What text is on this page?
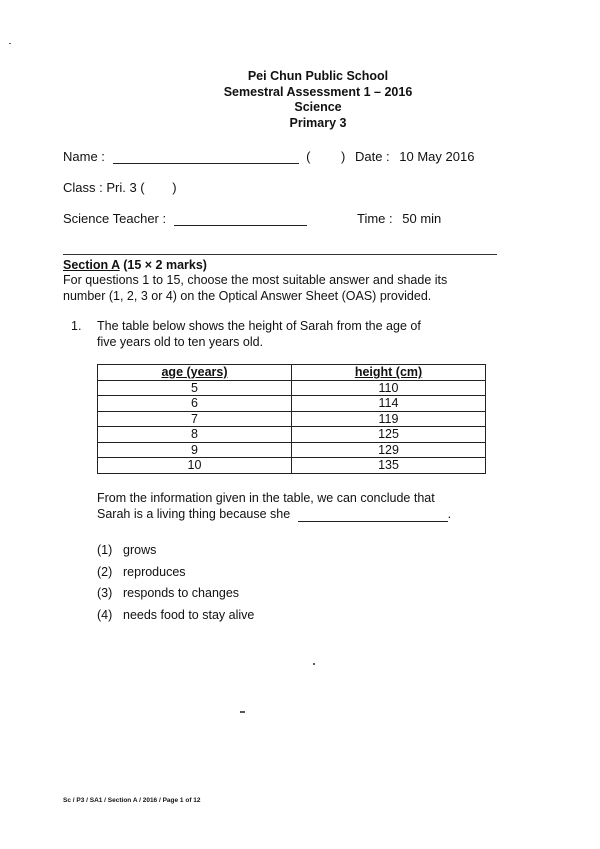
Pei Chun Public School
Semestral Assessment 1 – 2016
Science
Primary 3
Name :	( ) Date : 10 May 2016
Class : Pri. 3 ( )
Science Teacher :	Time : 50 min
Section A (15 × 2 marks)
For questions 1 to 15, choose the most suitable answer and shade its
number (1, 2, 3 or 4) on the Optical Answer Sheet (OAS) provided.
1. The table below shows the height of Sarah from the age of
five years old to ten years old.
age (years)	height (cm)
5	110
6	114
7	119
8	125
9	129
10	135
From the information given in the table, we can conclude that
Sarah is a living thing because she	.
(1) grows
(2) reproduces
(3) responds to changes
(4) needs food to stay alive
Sc / P3 / SA1 / Section A / 2016 / Page 1 of 12
